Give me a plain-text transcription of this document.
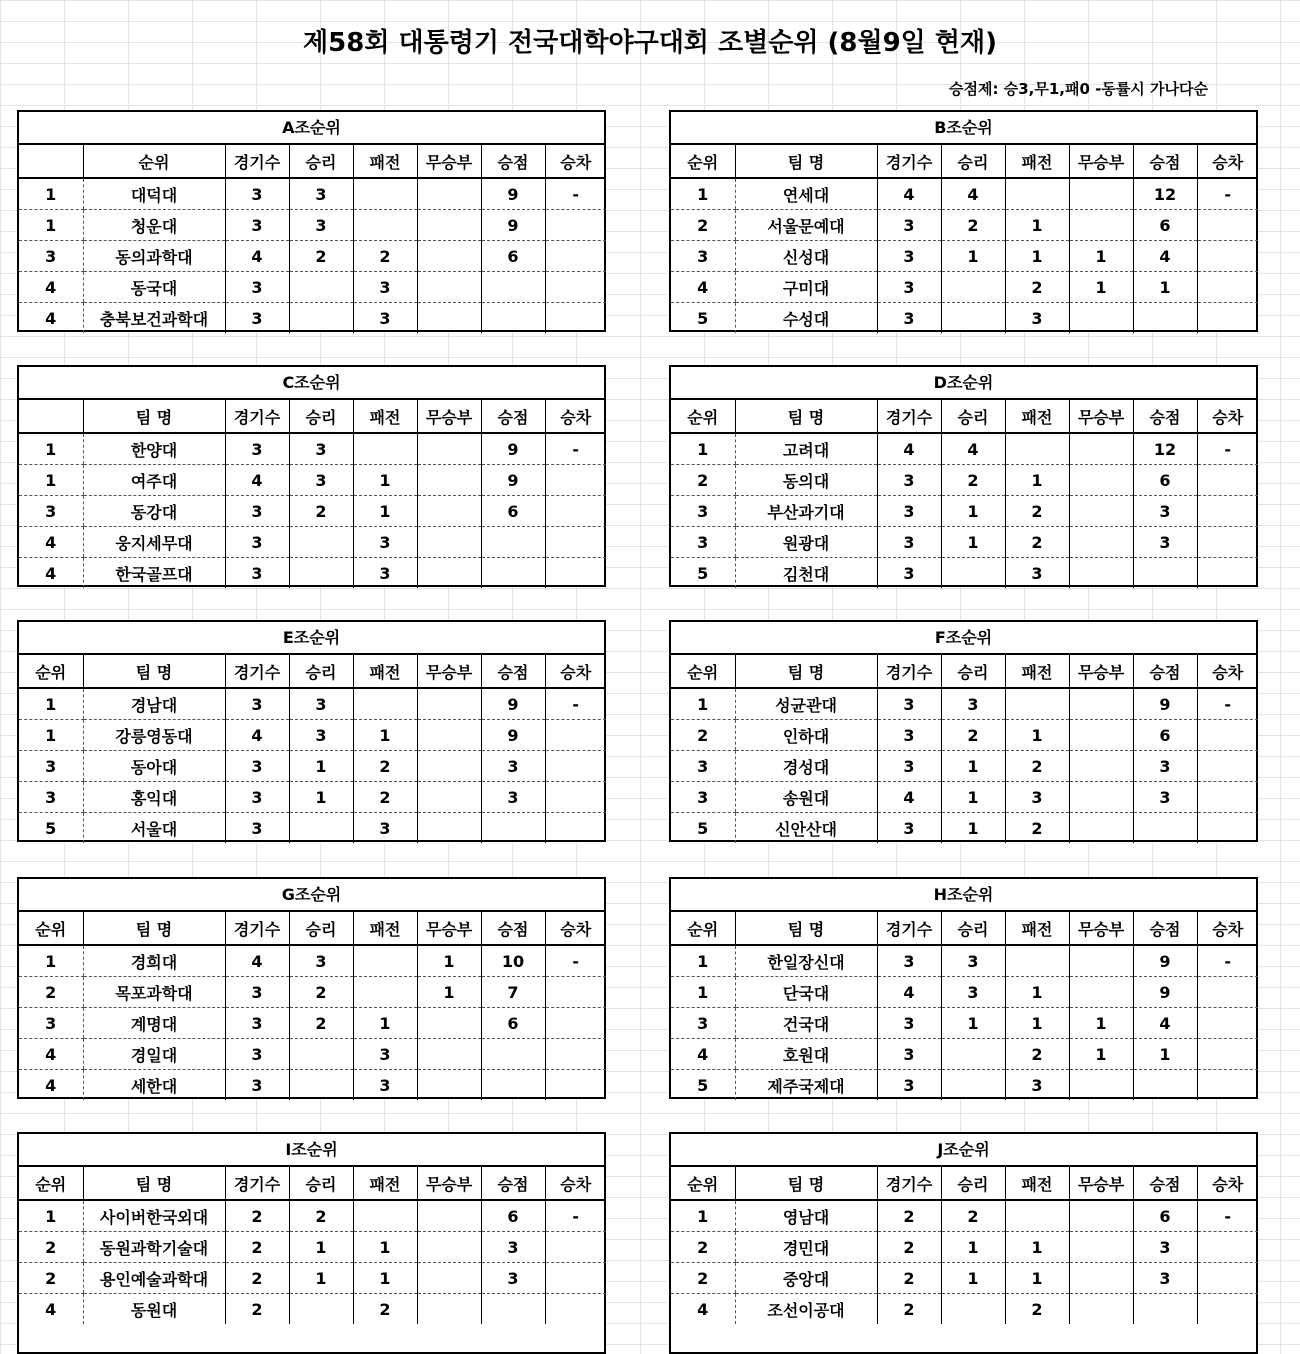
제58회 대통령기 전국대학야구대회 조별순위 (8월9일 현재)
승점제: 승3,무1,패0 -동률시 가나다순
A조순위
	순위	경기수	승리	패전	무승부	승점	승차
1	대덕대	3	3			9	-
1	청운대	3	3			9	
3	동의과학대	4	2	2		6	
4	동국대	3		3			
4	충북보건과학대	3		3			
B조순위
순위	팀 명	경기수	승리	패전	무승부	승점	승차
1	연세대	4	4			12	-
2	서울문예대	3	2	1		6	
3	신성대	3	1	1	1	4	
4	구미대	3		2	1	1	
5	수성대	3		3			
C조순위
	팀 명	경기수	승리	패전	무승부	승점	승차
1	한양대	3	3			9	-
1	여주대	4	3	1		9	
3	동강대	3	2	1		6	
4	웅지세무대	3		3			
4	한국골프대	3		3			
D조순위
순위	팀 명	경기수	승리	패전	무승부	승점	승차
1	고려대	4	4			12	-
2	동의대	3	2	1		6	
3	부산과기대	3	1	2		3	
3	원광대	3	1	2		3	
5	김천대	3		3			
E조순위
순위	팀 명	경기수	승리	패전	무승부	승점	승차
1	경남대	3	3			9	-
1	강릉영동대	4	3	1		9	
3	동아대	3	1	2		3	
3	홍익대	3	1	2		3	
5	서울대	3		3			
F조순위
순위	팀 명	경기수	승리	패전	무승부	승점	승차
1	성균관대	3	3			9	-
2	인하대	3	2	1		6	
3	경성대	3	1	2		3	
3	송원대	4	1	3		3	
5	신안산대	3	1	2			
G조순위
순위	팀 명	경기수	승리	패전	무승부	승점	승차
1	경희대	4	3		1	10	-
2	목포과학대	3	2		1	7	
3	계명대	3	2	1		6	
4	경일대	3		3			
4	세한대	3		3			
H조순위
순위	팀 명	경기수	승리	패전	무승부	승점	승차
1	한일장신대	3	3			9	-
1	단국대	4	3	1		9	
3	건국대	3	1	1	1	4	
4	호원대	3		2	1	1	
5	제주국제대	3		3			
I조순위
순위	팀 명	경기수	승리	패전	무승부	승점	승차
1	사이버한국외대	2	2			6	-
2	동원과학기술대	2	1	1		3	
2	용인예술과학대	2	1	1		3	
4	동원대	2		2			
J조순위
순위	팀 명	경기수	승리	패전	무승부	승점	승차
1	영남대	2	2			6	-
2	경민대	2	1	1		3	
2	중앙대	2	1	1		3	
4	조선이공대	2		2			
